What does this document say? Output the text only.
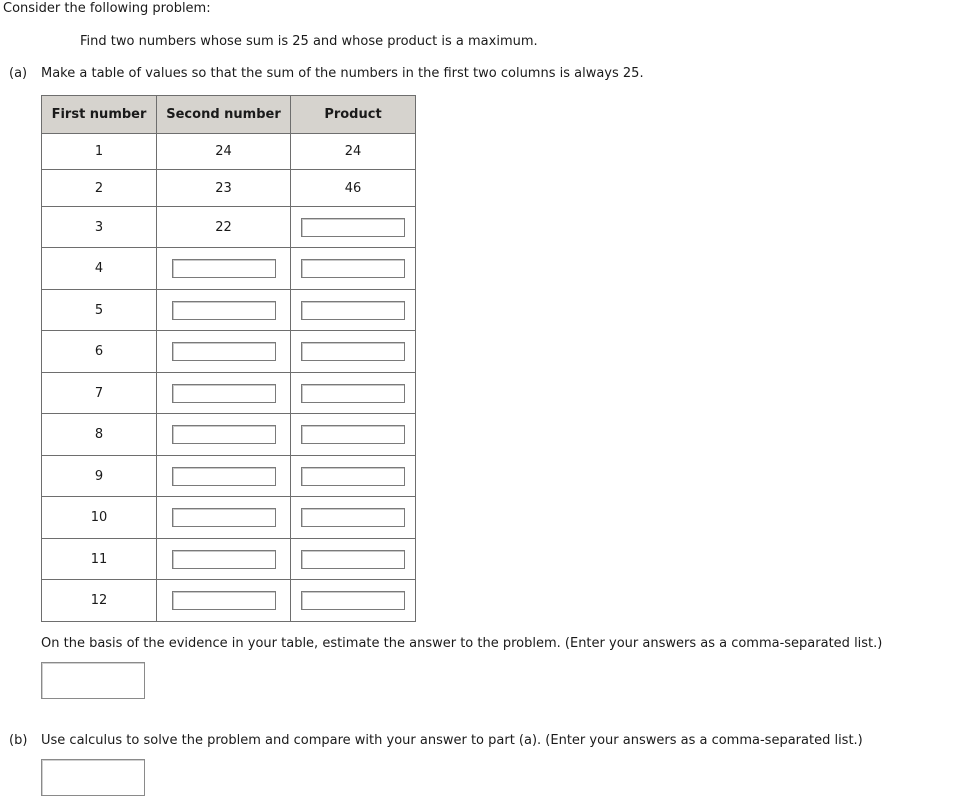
Consider the following problem:
Find two numbers whose sum is 25 and whose product is a maximum.
(a) Make a table of values so that the sum of the numbers in the first two columns is always 25.
First number	Second number	Product
1	24	24
2	23	46
3	22	

4	

5	

6	

7	

8	

9	

10	

11	

12	

On the basis of the evidence in your table, estimate the answer to the problem. (Enter your answers as a comma-separated list.)
(b) Use calculus to solve the problem and compare with your answer to part (a). (Enter your answers as a comma-separated list.)
